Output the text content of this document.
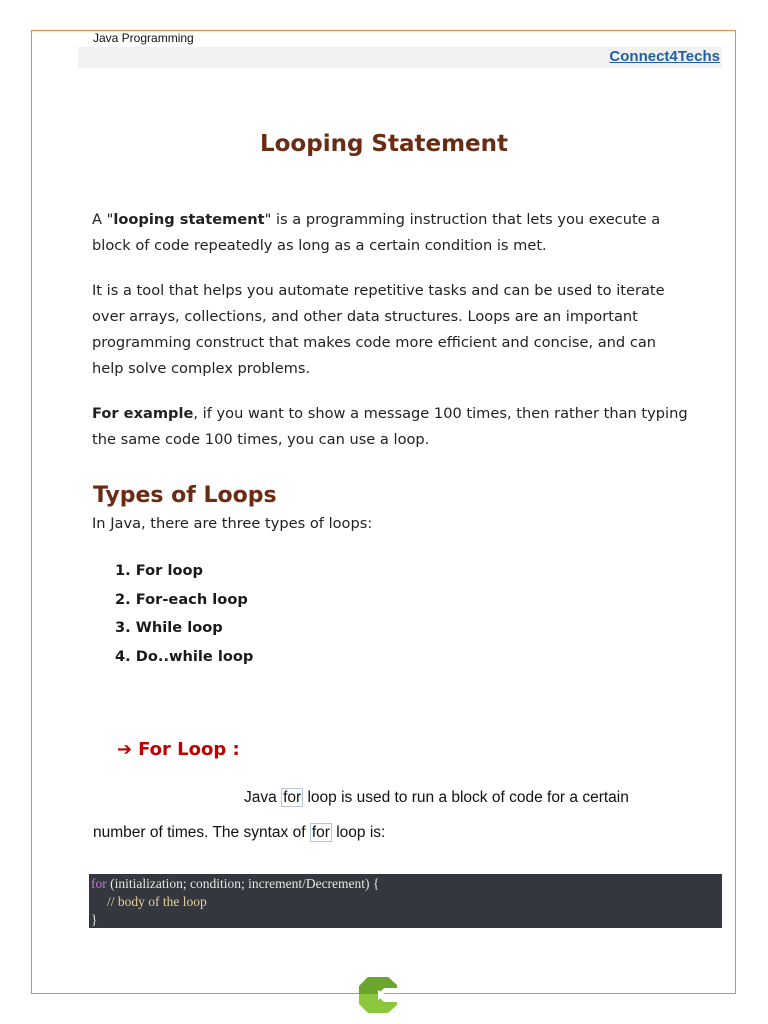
Java Programming
Connect4Techs
Looping Statement
A "looping statement" is a programming instruction that lets you execute a block of code repeatedly as long as a certain condition is met.
It is a tool that helps you automate repetitive tasks and can be used to iterate over arrays, collections, and other data structures. Loops are an important programming construct that makes code more efficient and concise, and can help solve complex problems.
For example, if you want to show a message 100 times, then rather than typing the same code 100 times, you can use a loop.
Types of Loops
In Java, there are three types of loops:
1. For loop
2. For-each loop
3. While loop
4. Do..while loop
➔ For Loop :
Java for loop is used to run a block of code for a certain
number of times. The syntax of for loop is:
for (initialization; condition; increment/Decrement) {
// body of the loop
}
